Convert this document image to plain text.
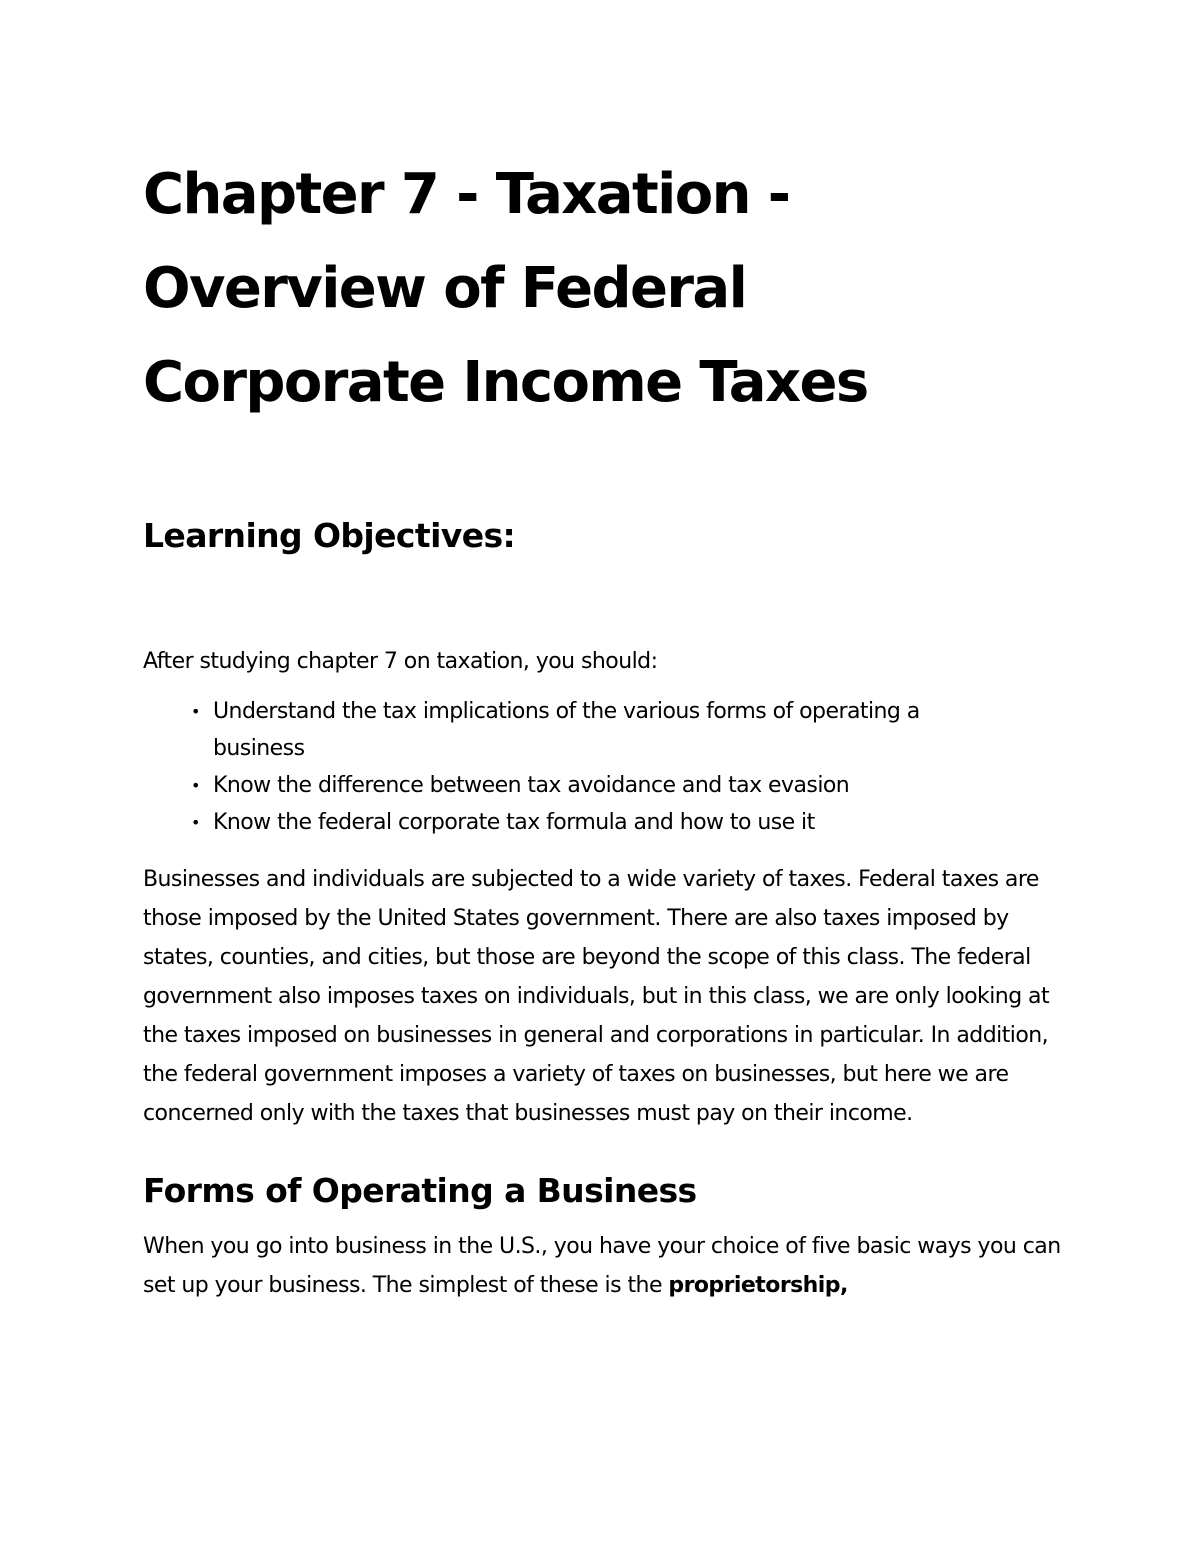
Chapter 7 - Taxation - Overview of Federal Corporate Income Taxes
Learning Objectives:

After studying chapter 7 on taxation, you should:

• Understand the tax implications of the various forms of operating a business
• Know the difference between tax avoidance and tax evasion
• Know the federal corporate tax formula and how to use it

Businesses and individuals are subjected to a wide variety of taxes. Federal taxes are those imposed by the United States government. There are also taxes imposed by states, counties, and cities, but those are beyond the scope of this class. The federal government also imposes taxes on individuals, but in this class, we are only looking at the taxes imposed on businesses in general and corporations in particular. In addition, the federal government imposes a variety of taxes on businesses, but here we are concerned only with the taxes that businesses must pay on their income.

Forms of Operating a Business

When you go into business in the U.S., you have your choice of five basic ways you can set up your business. The simplest of these is the proprietorship,
